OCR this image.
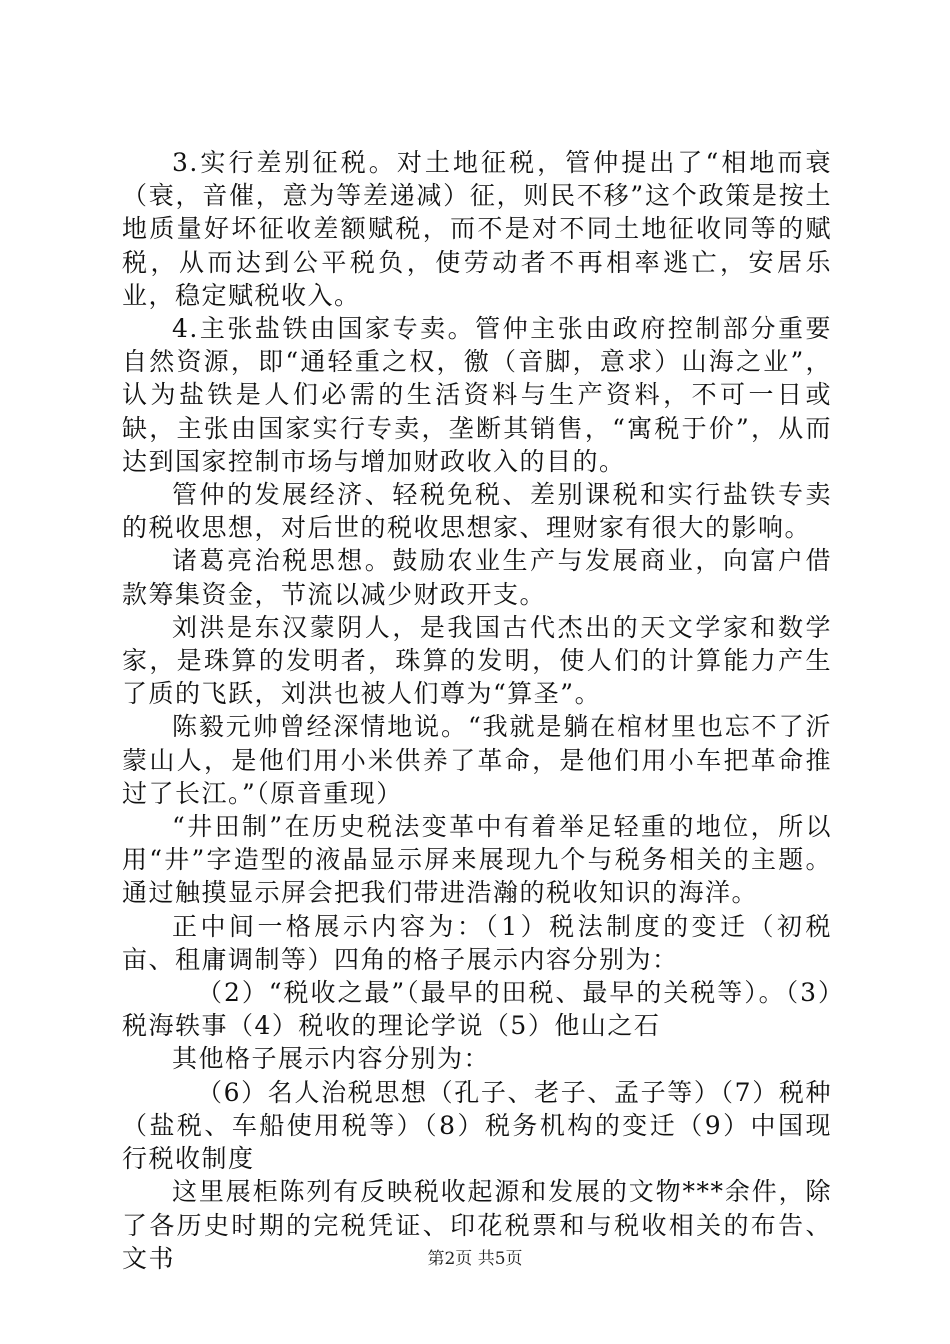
3.实行差别征税。对土地征税，管仲提出了“相地而衰（衰，音催，意为等差递减）征，则民不移”这个政策是按土地质量好坏征收差额赋税，而不是对不同土地征收同等的赋税，从而达到公平税负，使劳动者不再相率逃亡，安居乐业，稳定赋税收入。

4.主张盐铁由国家专卖。管仲主张由政府控制部分重要自然资源，即“通轻重之权，徼（音脚，意求）山海之业”，认为盐铁是人们必需的生活资料与生产资料，不可一日或缺，主张由国家实行专卖，垄断其销售，“寓税于价”，从而达到国家控制市场与增加财政收入的目的。

管仲的发展经济、轻税免税、差别课税和实行盐铁专卖的税收思想，对后世的税收思想家、理财家有很大的影响。

诸葛亮治税思想。鼓励农业生产与发展商业，向富户借款筹集资金，节流以减少财政开支。

刘洪是东汉蒙阴人，是我国古代杰出的天文学家和数学家，是珠算的发明者，珠算的发明，使人们的计算能力产生了质的飞跃，刘洪也被人们尊为“算圣”。

陈毅元帅曾经深情地说。“我就是躺在棺材里也忘不了沂蒙山人，是他们用小米供养了革命，是他们用小车把革命推过了长江。”（原音重现）

“井田制”在历史税法变革中有着举足轻重的地位，所以用“井”字造型的液晶显示屏来展现九个与税务相关的主题。通过触摸显示屏会把我们带进浩瀚的税收知识的海洋。

正中间一格展示内容为：（1）税法制度的变迁（初税亩、租庸调制等）四角的格子展示内容分别为：

（2）“税收之最”（最早的田税、最早的关税等）。（3）税海轶事（4）税收的理论学说（5）他山之石

其他格子展示内容分别为：

（6）名人治税思想（孔子、老子、孟子等）（7）税种（盐税、车船使用税等）（8）税务机构的变迁（9）中国现行税收制度

这里展柜陈列有反映税收起源和发展的文物***余件，除了各历史时期的完税凭证、印花税票和与税收相关的布告、文书	第2页 共5页
